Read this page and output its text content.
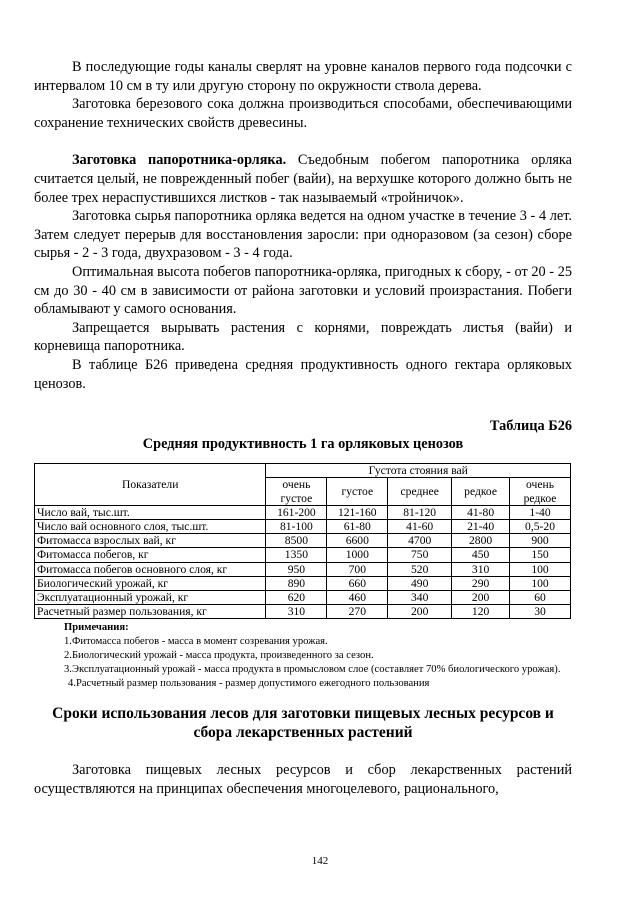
В последующие годы каналы сверлят на уровне каналов первого года подсочки с интервалом 10 см в ту или другую сторону по окружности ствола дерева.

Заготовка березового сока должна производиться способами, обеспечивающими сохранение технических свойств древесины.

Заготовка папоротника-орляка. Съедобным побегом папоротника орляка считается целый, не поврежденный побег (вайи), на верхушке которого должно быть не более трех нераспустившихся листков - так называемый «тройничок».

Заготовка сырья папоротника орляка ведется на одном участке в течение 3 - 4 лет. Затем следует перерыв для восстановления заросли: при одноразовом (за сезон) сборе сырья - 2 - 3 года, двухразовом - 3 - 4 года.

Оптимальная высота побегов папоротника-орляка, пригодных к сбору, - от 20 - 25 см до 30 - 40 см в зависимости от района заготовки и условий произрастания. Побеги обламывают у самого основания.

Запрещается вырывать растения с корнями, повреждать листья (вайи) и корневища папоротника.

В таблице Б26 приведена средняя продуктивность одного гектара орляковых ценозов.

Таблица Б26
Средняя продуктивность 1 га орляковых ценозов
Показатели	Густота стояния вай				
	очень густое	густое	среднее	редкое	очень редкое
Число вай, тыс.шт.	161-200	121-160	81-120	41-80	1-40
Число вай основного слоя, тыс.шт.	81-100	61-80	41-60	21-40	0,5-20
Фитомасса взрослых вай, кг	8500	6600	4700	2800	900
Фитомасса побегов, кг	1350	1000	750	450	150
Фитомасса побегов основного слоя, кг	950	700	520	310	100
Биологический урожай, кг	890	660	490	290	100
Эксплуатационный урожай, кг	620	460	340	200	60
Расчетный размер пользования, кг	310	270	200	120	30
Примечания:
1.Фитомасса побегов - масса в момент созревания урожая.
2.Биологический урожай - масса продукта, произведенного за сезон.
3.Эксплуатационный урожай - масса продукта в промысловом слое (составляет 70% биологического урожая).
4.Расчетный размер пользования - размер допустимого ежегодного пользования
Сроки использования лесов для заготовки пищевых лесных ресурсов и сбора лекарственных растений

Заготовка пищевых лесных ресурсов и сбор лекарственных растений осуществляются на принципах обеспечения многоцелевого, рационального,

142
